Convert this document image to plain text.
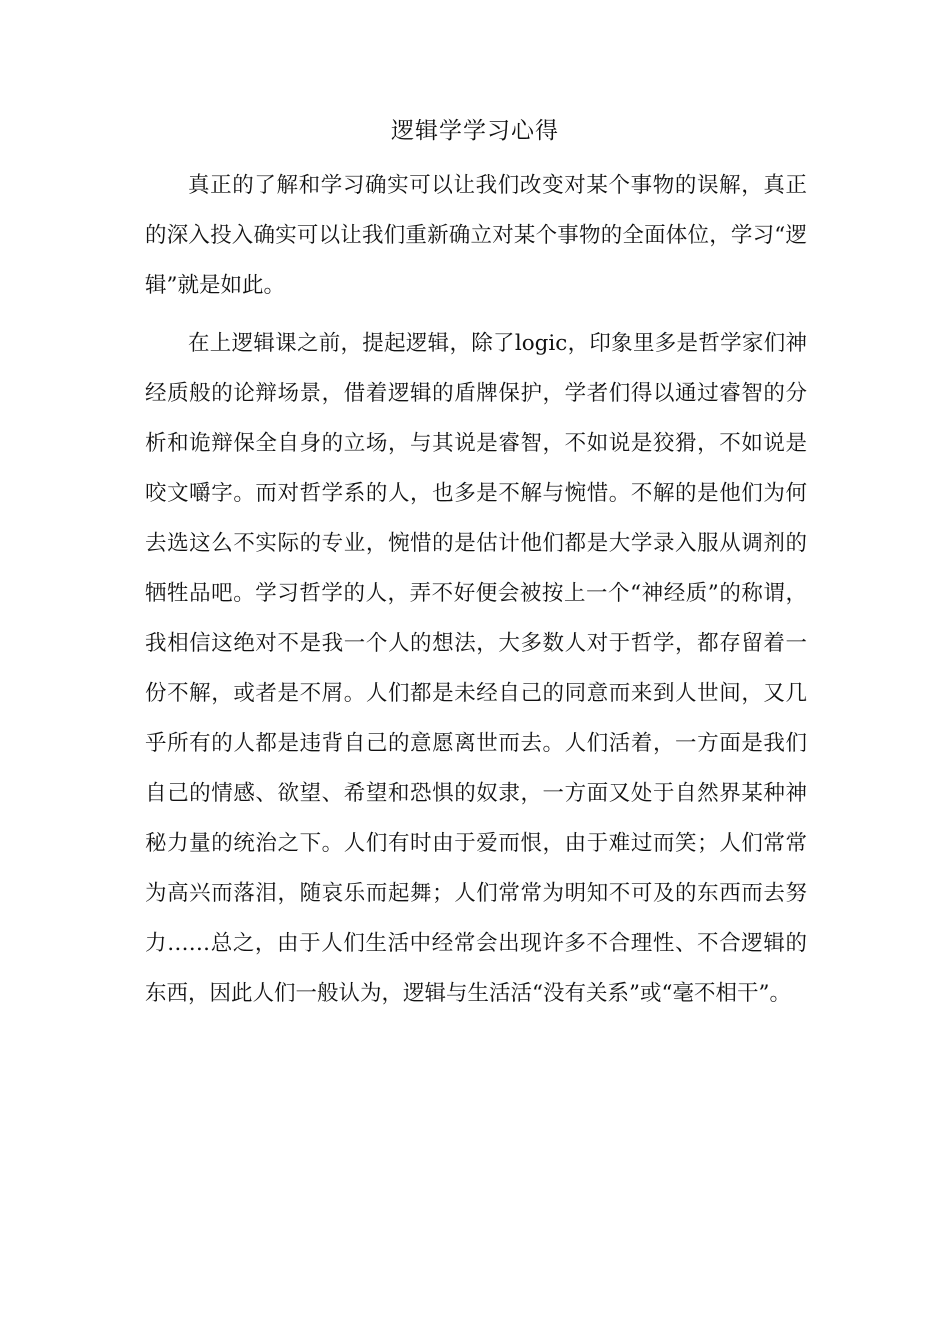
逻辑学学习心得

真正的了解和学习确实可以让我们改变对某个事物的误解，真正的深入投入确实可以让我们重新确立对某个事物的全面体位，学习“逻辑”就是如此。

在上逻辑课之前，提起逻辑，除了logic，印象里多是哲学家们神经质般的论辩场景，借着逻辑的盾牌保护，学者们得以通过睿智的分析和诡辩保全自身的立场，与其说是睿智，不如说是狡猾，不如说是咬文嚼字。而对哲学系的人，也多是不解与惋惜。不解的是他们为何去选这么不实际的专业，惋惜的是估计他们都是大学录入服从调剂的牺牲品吧。学习哲学的人，弄不好便会被按上一个“神经质”的称谓，我相信这绝对不是我一个人的想法，大多数人对于哲学，都存留着一份不解，或者是不屑。人们都是未经自己的同意而来到人世间，又几乎所有的人都是违背自己的意愿离世而去。人们活着，一方面是我们自己的情感、欲望、希望和恐惧的奴隶，一方面又处于自然界某种神秘力量的统治之下。人们有时由于爱而恨，由于难过而笑；人们常常为高兴而落泪，随哀乐而起舞；人们常常为明知不可及的东西而去努力……总之，由于人们生活中经常会出现许多不合理性、不合逻辑的东西，因此人们一般认为，逻辑与生活活“没有关系”或“毫不相干”。
